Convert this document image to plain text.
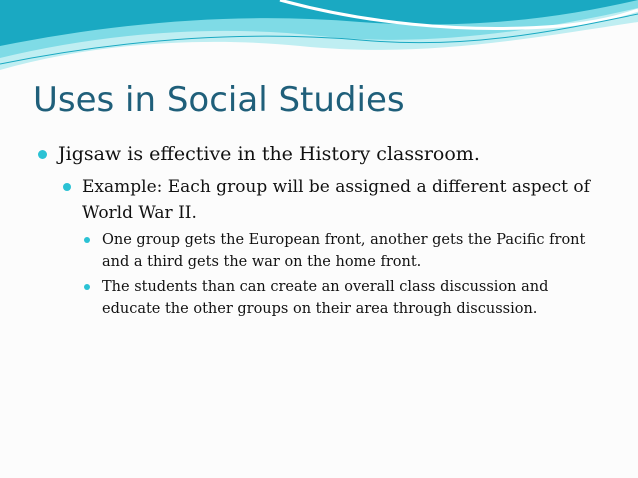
Uses in Social Studies
Jigsaw is effective in the History classroom.
Example: Each group will be assigned a different aspect of World War II.
One group gets the European front, another gets the Pacific front and a third gets the war on the home front.
The students than can create an overall class discussion and educate the other groups on their area through discussion.
